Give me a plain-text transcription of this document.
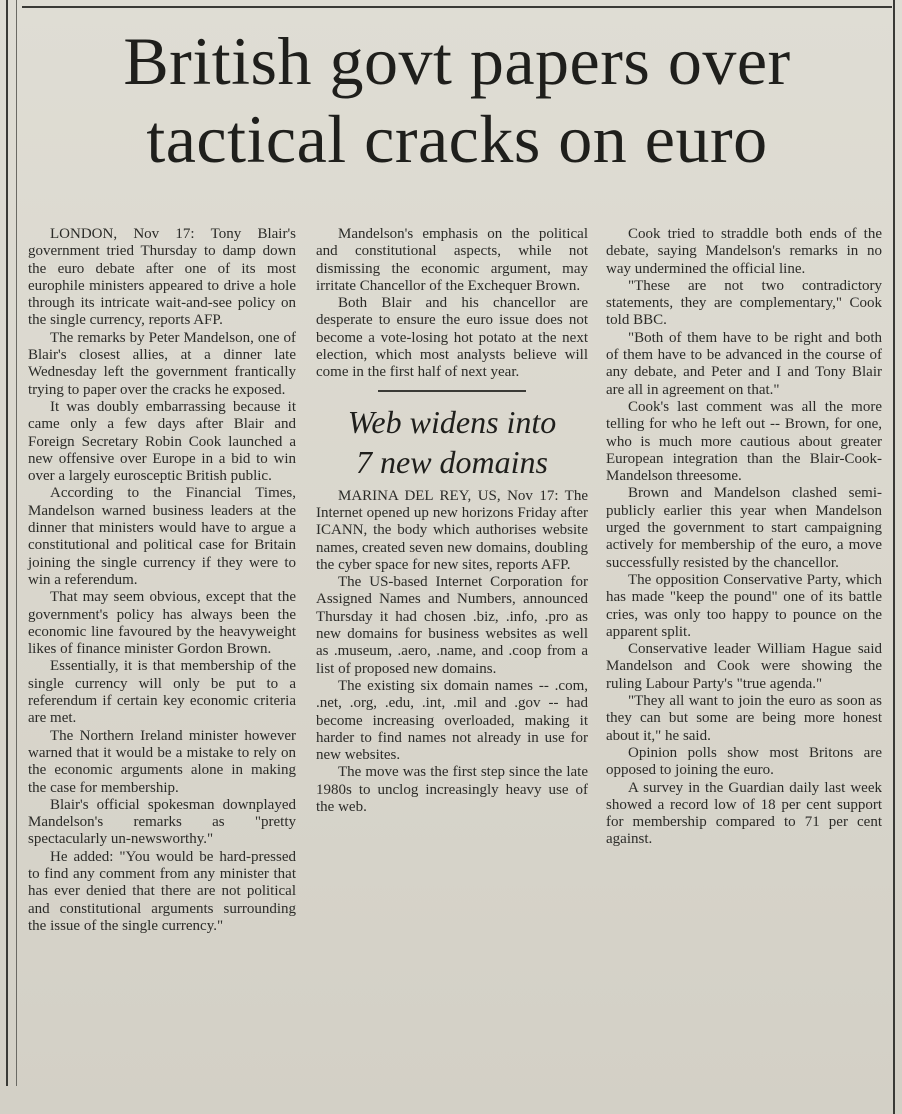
British govt papers over
tactical cracks on euro

LONDON, Nov 17: Tony Blair's government tried Thursday to damp down the euro debate after one of its most europhile ministers appeared to drive a hole through its intricate wait-and-see policy on the single currency, reports AFP.

The remarks by Peter Mandelson, one of Blair's closest allies, at a dinner late Wednesday left the government frantically trying to paper over the cracks he exposed.

It was doubly embarrassing because it came only a few days after Blair and Foreign Secretary Robin Cook launched a new offensive over Europe in a bid to win over a largely eurosceptic British public.

According to the Financial Times, Mandelson warned business leaders at the dinner that ministers would have to argue a constitutional and political case for Britain joining the single currency if they were to win a referendum.

That may seem obvious, except that the government's policy has always been the economic line favoured by the heavyweight likes of finance minister Gordon Brown.

Essentially, it is that membership of the single currency will only be put to a referendum if certain key economic criteria are met.

The Northern Ireland minister however warned that it would be a mistake to rely on the economic arguments alone in making the case for membership.

Blair's official spokesman downplayed Mandelson's remarks as "pretty spectacularly un-newsworthy."

He added: "You would be hard-pressed to find any comment from any minister that has ever denied that there are not political and constitutional arguments surrounding the issue of the single currency."

Mandelson's emphasis on the political and constitutional aspects, while not dismissing the economic argument, may irritate Chancellor of the Exchequer Brown.

Both Blair and his chancellor are desperate to ensure the euro issue does not become a vote-losing hot potato at the next election, which most analysts believe will come in the first half of next year.

Web widens into
7 new domains

MARINA DEL REY, US, Nov 17: The Internet opened up new horizons Friday after ICANN, the body which authorises website names, created seven new domains, doubling the cyber space for new sites, reports AFP.

The US-based Internet Corporation for Assigned Names and Numbers, announced Thursday it had chosen .biz, .info, .pro as new domains for business websites as well as .museum, .aero, .name, and .coop from a list of proposed new domains.

The existing six domain names -- .com, .net, .org, .edu, .int, .mil and .gov -- had become increasing overloaded, making it harder to find names not already in use for new websites.

The move was the first step since the late 1980s to unclog increasingly heavy use of the web.

Cook tried to straddle both ends of the debate, saying Mandelson's remarks in no way undermined the official line.

"These are not two contradictory statements, they are complementary," Cook told BBC.

"Both of them have to be right and both of them have to be advanced in the course of any debate, and Peter and I and Tony Blair are all in agreement on that."

Cook's last comment was all the more telling for who he left out -- Brown, for one, who is much more cautious about greater European integration than the Blair-Cook-Mandelson threesome.

Brown and Mandelson clashed semi-publicly earlier this year when Mandelson urged the government to start campaigning actively for membership of the euro, a move successfully resisted by the chancellor.

The opposition Conservative Party, which has made "keep the pound" one of its battle cries, was only too happy to pounce on the apparent split.

Conservative leader William Hague said Mandelson and Cook were showing the ruling Labour Party's "true agenda."

"They all want to join the euro as soon as they can but some are being more honest about it," he said.

Opinion polls show most Britons are opposed to joining the euro.

A survey in the Guardian daily last week showed a record low of 18 per cent support for membership compared to 71 per cent against.
